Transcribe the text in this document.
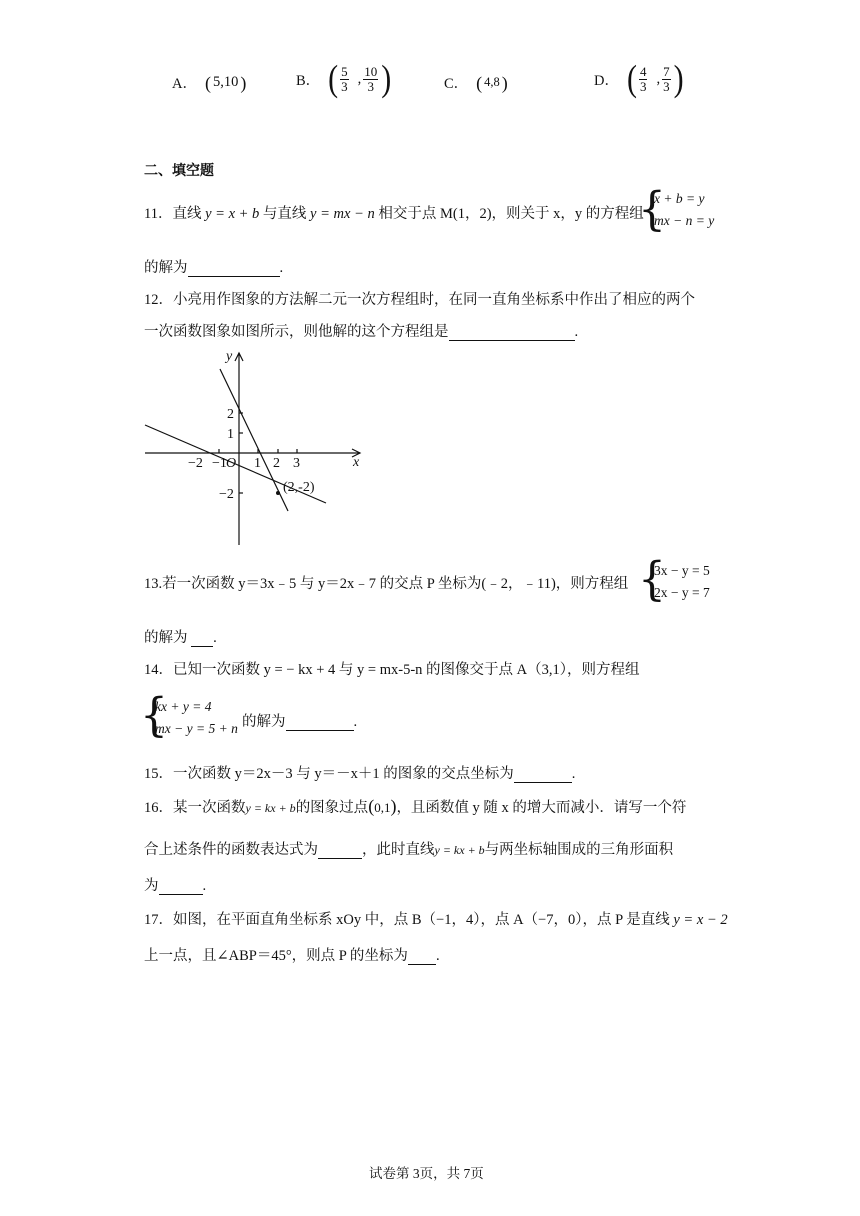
A． ( 5,10 )	B． ( $\frac{5}{3}$ , $\frac{10}{3}$ )	C． ( 4,8 )	D． ( $\frac{4}{3}$ , $\frac{7}{3}$ )
二、填空题
11．直线 y = x + b 与直线 y = mx − n 相交于点 M(1，2)，则关于 x，y 的方程组
{
x + b = y
mx − n = y
的解为	.
12．小亮用作图象的方法解二元一次方程组时，在同一直角坐标系中作出了相应的两个
一次函数图象如图所示，则他解的这个方程组是	.
x
y
O
−2 −1 1 2 3
2
1
−2	(2,-2)
13.若一次函数 y＝3x﹣5 与 y＝2x﹣7 的交点 P 坐标为(﹣2，﹣11)，则方程组 {
3x − y = 5
2x − y = 7
的解为 .
14．已知一次函数 y = − kx + 4 与 y = mx-5-n 的图像交于点 A（3,1），则方程组
{
kx + y = 4
mx − y = 5 + n 的解为	.
15．一次函数 y＝2x－3 与 y＝－x＋1 的图象的交点坐标为	.
16．某一次函数y = kx + b的图象过点(0,1)，且函数值 y 随 x 的增大而减小．请写一个符
合上述条件的函数表达式为	，此时直线y = kx + b与两坐标轴围成的三角形面积
为	.
17．如图，在平面直角坐标系 xOy 中，点 B（−1，4），点 A（−7，0），点 P 是直线 y = x − 2
上一点，且∠ABP＝45°，则点 P 的坐标为 .
试卷第 3页，共 7页
